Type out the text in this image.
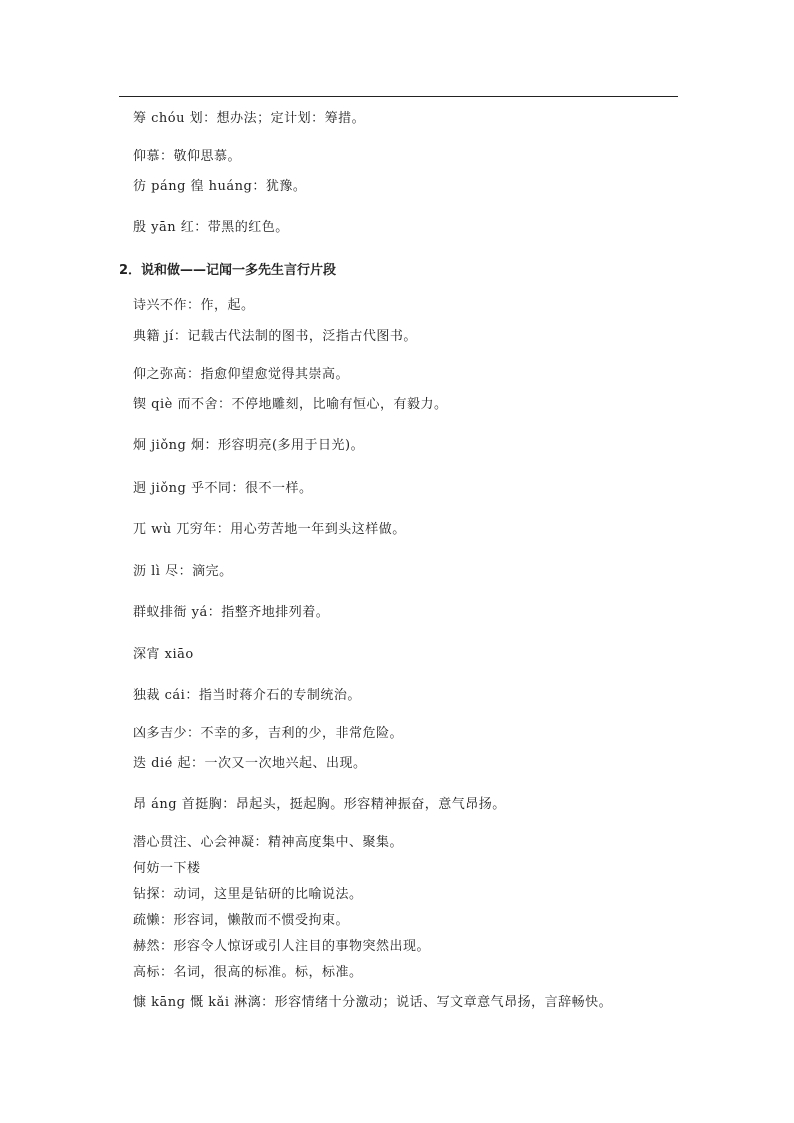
筹 chóu 划：想办法；定计划：筹措。
仰慕：敬仰思慕。
彷 páng 徨 huáng：犹豫。
殷 yān 红：带黑的红色。
2．说和做——记闻一多先生言行片段
诗兴不作：作，起。
典籍 jí：记载古代法制的图书，泛指古代图书。
仰之弥高：指愈仰望愈觉得其崇高。
锲 qiè 而不舍：不停地雕刻，比喻有恒心，有毅力。
炯 jiǒng 炯：形容明亮(多用于日光)。
迥 jiǒng 乎不同：很不一样。
兀 wù 兀穷年：用心劳苦地一年到头这样做。
沥 lì 尽：滴完。
群蚁排衙 yá：指整齐地排列着。
深宵 xiāo
独裁 cái：指当时蒋介石的专制统治。
凶多吉少：不幸的多，吉利的少，非常危险。
迭 dié 起：一次又一次地兴起、出现。
昂 áng 首挺胸：昂起头，挺起胸。形容精神振奋，意气昂扬。
潜心贯注、心会神凝：精神高度集中、聚集。
何妨一下楼
钻探：动词，这里是钻研的比喻说法。
疏懒：形容词，懒散而不惯受拘束。
赫然：形容令人惊讶或引人注目的事物突然出现。
高标：名词，很高的标准。标，标准。
慷 kāng 慨 kǎi 淋漓：形容情绪十分激动；说话、写文章意气昂扬，言辞畅快。
